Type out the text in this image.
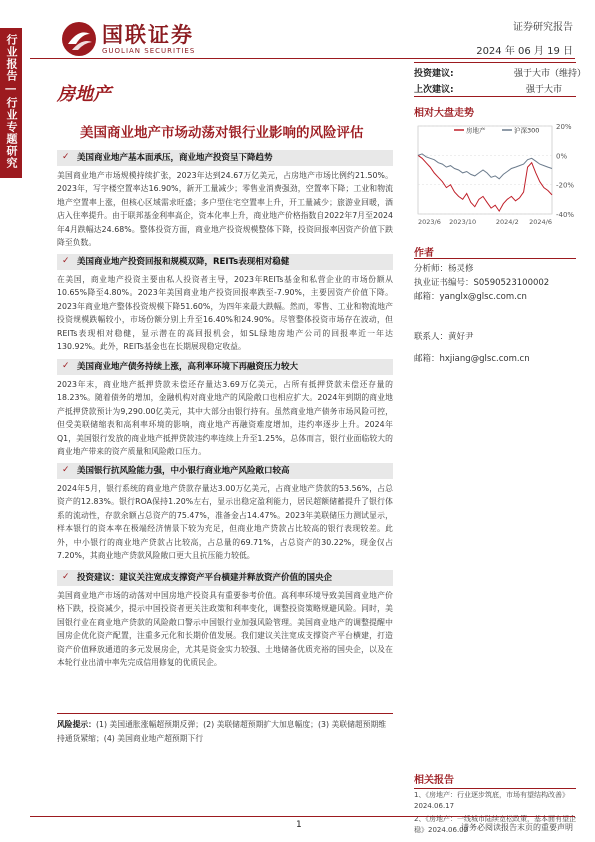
行业报告 | 行业专题研究	国联证券
GUOLIAN SECURITIES
证券研究报告
2024 年 06 月 19 日
房地产
美国商业地产市场动荡对银行业影响的风险评估
投资建议:	强于大市（维持）
上次建议:	强于大市
相对大盘走势
20%
0%
-20%
-40%
2023/6 2023/10	2024/2 2024/6
房地产	沪深300
作者
分析师：杨灵修
执业证书编号：S0590523100002
邮箱：yanglx@glsc.com.cn
联系人：黄好尹
邮箱：hxjiang@glsc.com.cn
✓ 美国商业地产基本面承压，商业地产投资呈下降趋势
美国商业地产市场规模持续扩张，2023年达到24.67万亿美元，占房地产市场比例约21.50%。2023年，写字楼空置率达16.90%，新开工量减少；零售业消费强劲，空置率下降；工业和物流地产空置率上涨，但核心区域需求旺盛；多户型住宅空置率上升，开工量减少；旅游业回暖，酒店入住率提升。由于联邦基金利率高企，资本化率上升，商业地产价格指数自2022年7月至2024年4月跌幅达24.68%。整体投资方面，商业地产投资规模整体下降，投资回报率因资产价值下跌降至负数。
✓ 美国商业地产投资回报和规模双降，REITs表现相对稳健
在美国，商业地产投资主要由私人投资者主导，2023年REITs基金和私营企业的市场份额从10.65%降至4.80%。2023年美国商业地产投资回报率跌至-7.90%，主要因资产价值下降。2023年商业地产整体投资规模下降51.60%，为四年来最大跌幅。然而，零售、工业和物流地产投资规模跌幅较小，市场份额分别上升至16.40%和24.90%。尽管整体投资市场存在波动，但REITs表现相对稳健，显示潜在的高回报机会，如SL绿地房地产公司的回报率近一年达130.92%。此外，REITs基金也在长期展现稳定收益。
✓ 美国商业地产债务持续上涨，高利率环境下再融资压力较大
2023年末，商业地产抵押贷款未偿还存量达3.69万亿美元，占所有抵押贷款未偿还存量的18.23%。随着债务的增加，金融机构对商业地产的风险敞口也相应扩大。2024年到期的商业地产抵押贷款预计为9,290.00亿美元，其中大部分由银行持有。虽然商业地产债务市场风险可控，但受美联储缩表和高利率环境的影响，商业地产再融资难度增加，违约率逐步上升。2024年Q1，美国银行发放的商业地产抵押贷款违约率连续上升至1.25%，总体而言，银行业面临较大的商业地产带来的资产质量和风险敞口压力。
✓ 美国银行抗风险能力强，中小银行商业地产风险敞口较高
2024年5月，银行系统的商业地产贷款存量达3.00万亿美元，占商业地产贷款的53.56%，占总资产的12.83%。银行ROA保持1.20%左右，显示出稳定盈利能力，居民超额储蓄提升了银行体系的流动性，存款余额占总资产的75.47%，准备金占14.47%。2023年美联储压力测试显示，样本银行的资本率在极端经济情景下较为充足，但商业地产贷款占比较高的银行表现较差。此外，中小银行的商业地产贷款占比较高，占总量的69.71%，占总资产的30.22%，现金仅占7.20%，其商业地产贷款风险敞口更大且抗压能力较低。
✓ 投资建议：建议关注宽成支撑资产平台横建并释放资产价值的国央企
美国商业地产市场的动荡对中国房地产投资具有重要参考价值。高利率环境导致美国商业地产价格下跌，投资减少，提示中国投资者更关注政策和利率变化，调整投资策略规避风险。同时，美国银行业在商业地产贷款的风险敞口警示中国银行业加强风险管理。美国商业地产的调整提醒中国房企优化资产配置，注重多元化和长期价值发展。我们建议关注宽成支撑资产平台横建，打造资产价值释放通道的多元发展房企，尤其是资金实力较强、土地储备优质充裕的国央企，以及在本轮行业出清中率先完成信用修复的优质民企。
风险提示：(1) 美国通胀涨幅超预期反弹；(2) 美联储超预期扩大加息幅度；(3) 美联储超预期维持通货紧缩；(4) 美国商业地产超预期下行
相关报告
1、《房地产：行业逐步筑底，市场有望结构改善》2024.06.17
2、《房地产：一线城市陆续宽松政策，基本面有望企稳》2024.06.02
1	请务必阅读报告末页的重要声明
